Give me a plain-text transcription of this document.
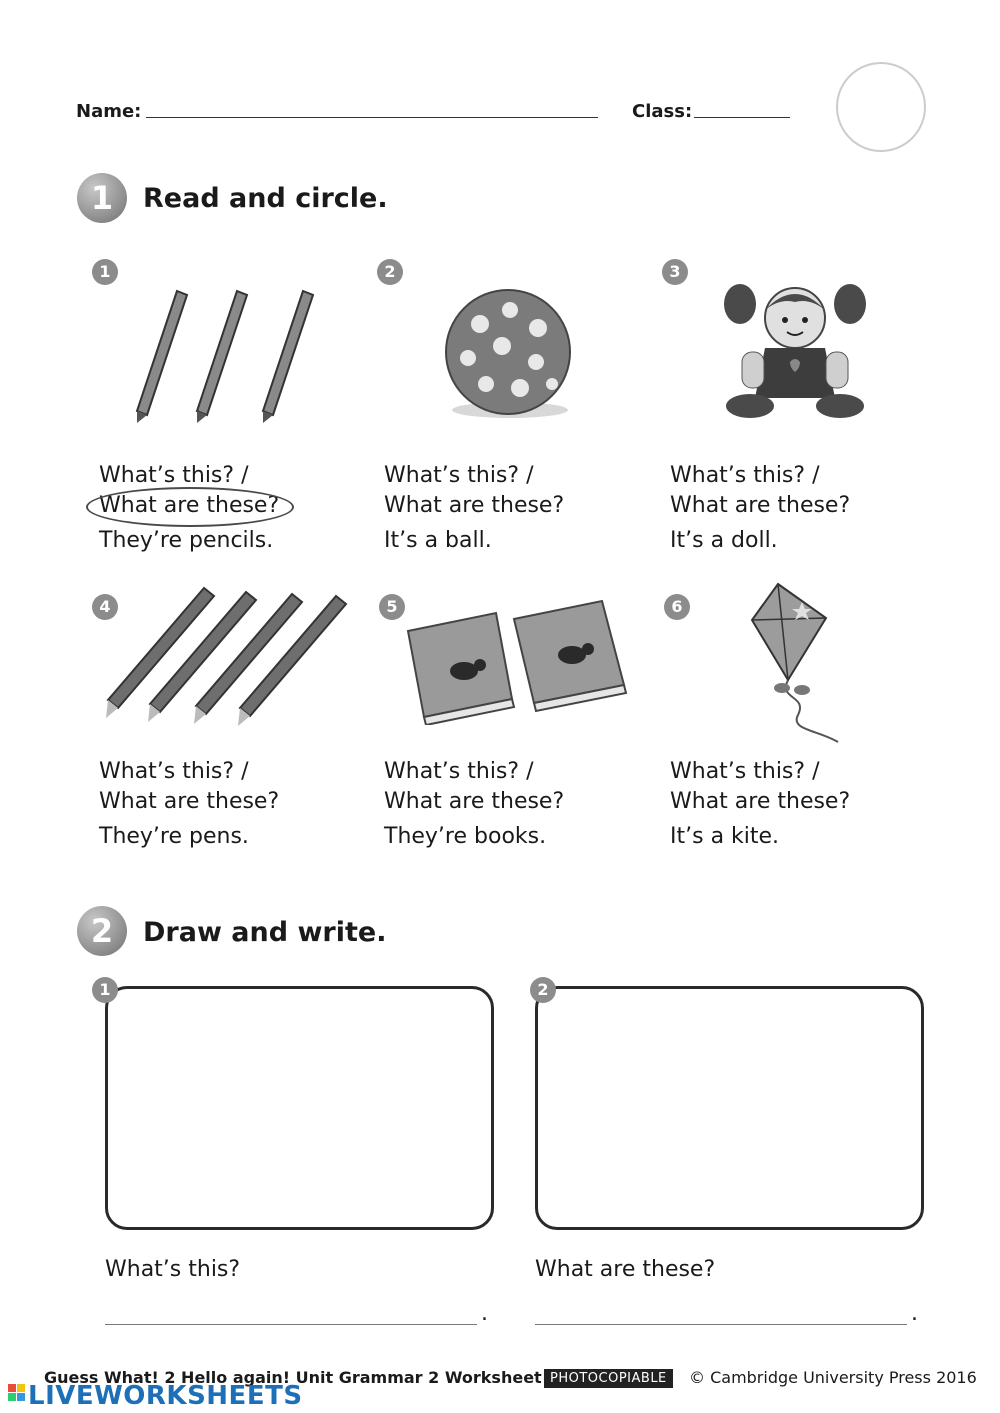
Name:	Class:
1	Read and circle.
1
What’s this? /
What are these?
They’re pencils.
2
What’s this? /
What are these?
It’s a ball.
3
What’s this? /
What are these?
It’s a doll.
4
What’s this? /
What are these?
They’re pens.
5
What’s this? /
What are these?
They’re books.
6
What’s this? /
What are these?
It’s a kite.
2	Draw and write.
1	2
What’s this?	What are these?
.	.
Guess What! 2 Hello again! Unit Grammar 2 Worksheet PHOTOCOPIABLE	© Cambridge University Press 2016
LIVEWORKSHEETS
